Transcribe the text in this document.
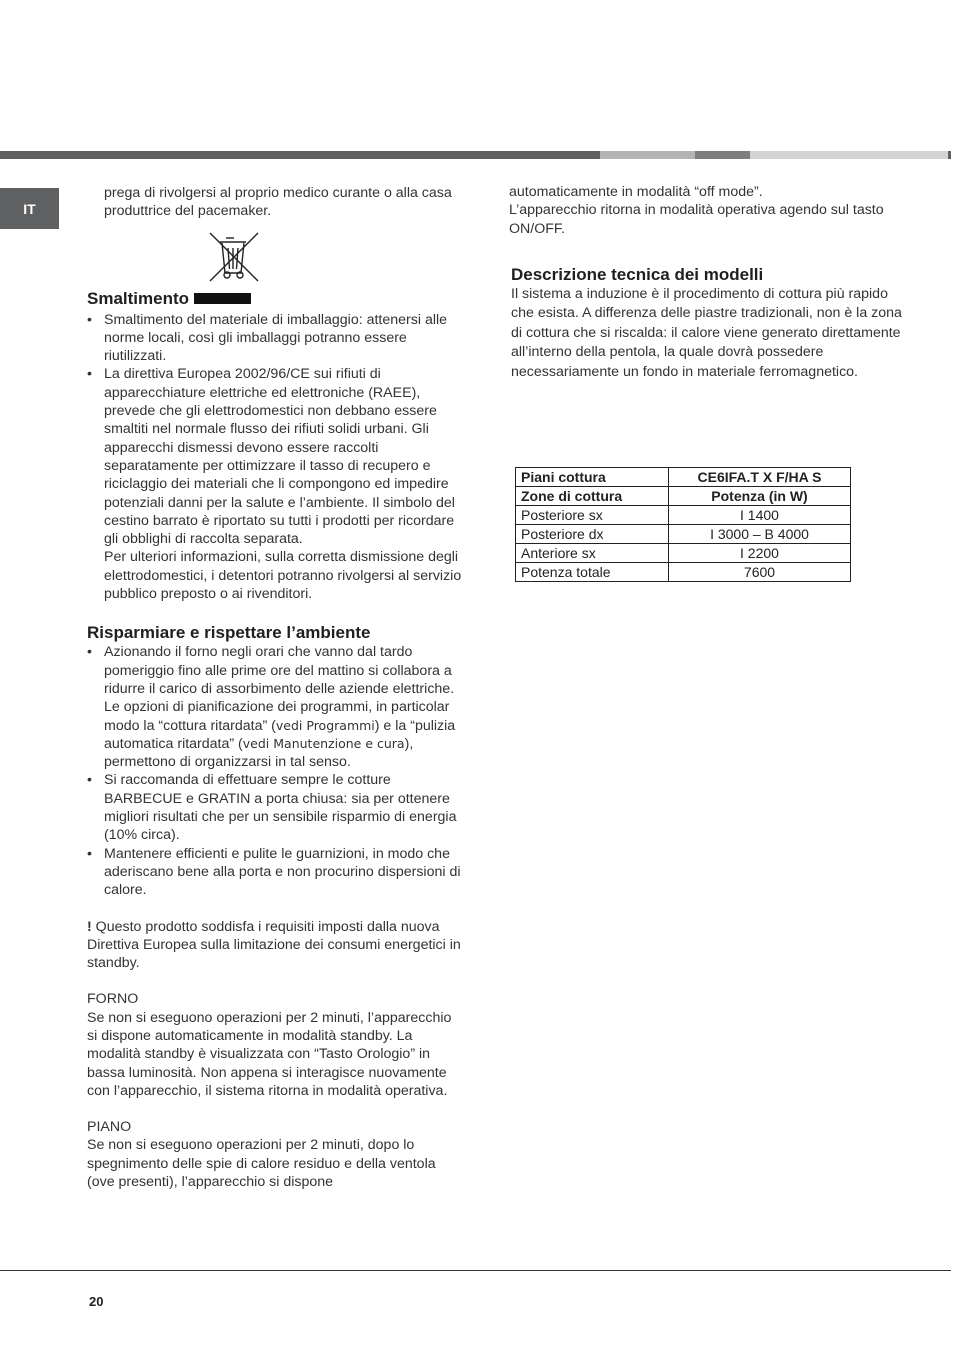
IT

prega di rivolgersi al proprio medico curante o alla casa produttrice del pacemaker.

Smaltimento
• Smaltimento del materiale di imballaggio: attenersi alle norme locali, così gli imballaggi potranno essere riutilizzati.
• La direttiva Europea 2002/96/CE sui rifiuti di apparecchiature elettriche ed elettroniche (RAEE), prevede che gli elettrodomestici non debbano essere smaltiti nel normale flusso dei rifiuti solidi urbani. Gli apparecchi dismessi devono essere raccolti separatamente per ottimizzare il tasso di recupero e riciclaggio dei materiali che li compongono ed impedire potenziali danni per la salute e l’ambiente. Il simbolo del cestino barrato è riportato su tutti i prodotti per ricordare gli obblighi di raccolta separata.

Per ulteriori informazioni, sulla corretta dismissione degli elettrodomestici, i detentori potranno rivolgersi al servizio pubblico preposto o ai rivenditori.

Risparmiare e rispettare l’ambiente
• Azionando il forno negli orari che vanno dal tardo pomeriggio fino alle prime ore del mattino si collabora a ridurre il carico di assorbimento delle aziende elettriche. Le opzioni di pianificazione dei programmi, in particolar modo la “cottura ritardata” (vedi Programmi) e la “pulizia automatica ritardata” (vedi Manutenzione e cura), permettono di organizzarsi in tal senso.
• Si raccomanda di effettuare sempre le cotture BARBECUE e GRATIN a porta chiusa: sia per ottenere migliori risultati che per un sensibile risparmio di energia (10% circa).
• Mantenere efficienti e pulite le guarnizioni, in modo che aderiscano bene alla porta e non procurino dispersioni di calore.

! Questo prodotto soddisfa i requisiti imposti dalla nuova Direttiva Europea sulla limitazione dei consumi energetici in standby.

FORNO

Se non si eseguono operazioni per 2 minuti, l’apparecchio si dispone automaticamente in modalità standby. La modalità standby è visualizzata con “Tasto Orologio” in bassa luminosità. Non appena si interagisce nuovamente con l’apparecchio, il sistema ritorna in modalità operativa.

PIANO

Se non si eseguono operazioni per 2 minuti, dopo lo spegnimento delle spie di calore residuo e della ventola (ove presenti), l’apparecchio si dispone

automaticamente in modalità “off mode”.

L’apparecchio ritorna in modalità operativa agendo sul tasto ON/OFF.

Descrizione tecnica dei modelli

Il sistema a induzione è il procedimento di cottura più rapido che esista. A differenza delle piastre tradizionali, non è la zona di cottura che si riscalda: il calore viene generato direttamente all’interno della pentola, la quale dovrà possedere necessariamente un fondo in materiale ferromagnetico.

Piani cottura	CE6IFA.T X F/HA S
Zone di cottura	Potenza (in W)
Posteriore sx	I 1400
Posteriore dx	I 3000 – B 4000
Anteriore sx	I 2200
Potenza totale	7600
20
